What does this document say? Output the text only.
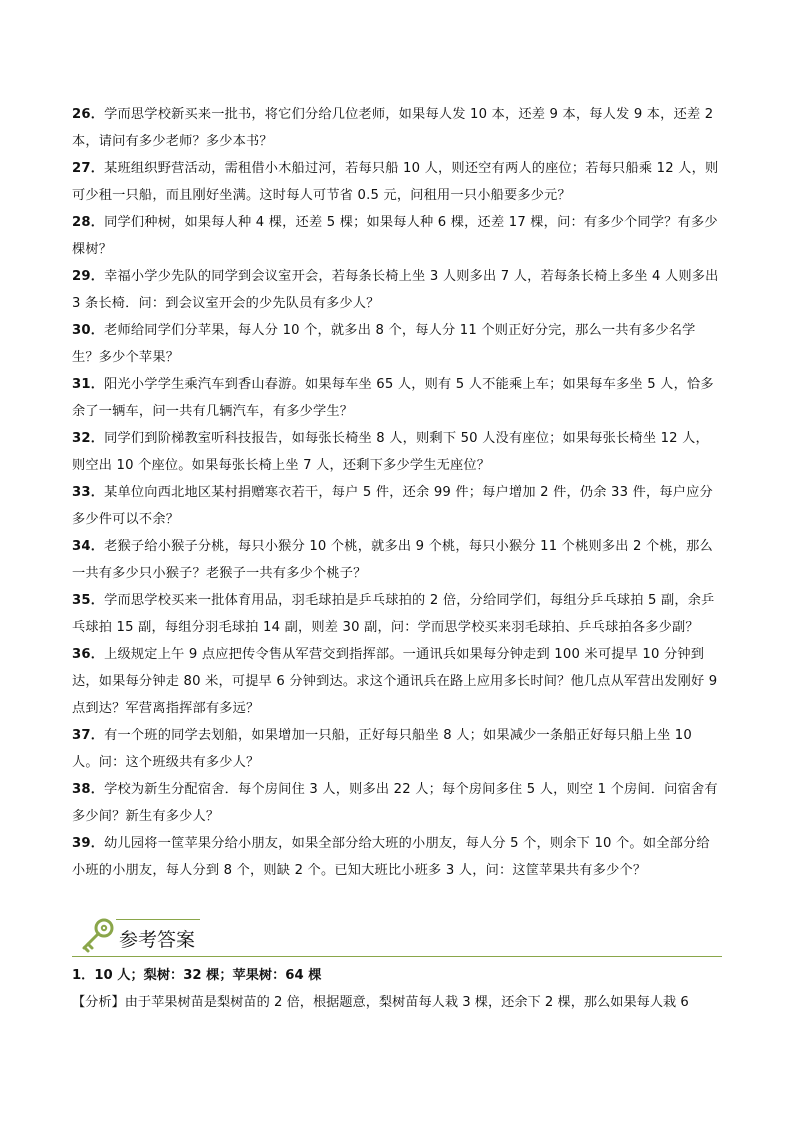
26．学而思学校新买来一批书，将它们分给几位老师，如果每人发 10 本，还差 9 本，每人发 9 本，还差 2 本，请问有多少老师？多少本书？

27．某班组织野营活动，需租借小木船过河，若每只船 10 人，则还空有两人的座位；若每只船乘 12 人，则可少租一只船，而且刚好坐满。这时每人可节省 0.5 元，问租用一只小船要多少元？

28．同学们种树，如果每人种 4 棵，还差 5 棵；如果每人种 6 棵，还差 17 棵，问：有多少个同学？有多少棵树？

29．幸福小学少先队的同学到会议室开会，若每条长椅上坐 3 人则多出 7 人，若每条长椅上多坐 4 人则多出 3 条长椅．问：到会议室开会的少先队员有多少人？

30．老师给同学们分苹果，每人分 10 个，就多出 8 个，每人分 11 个则正好分完，那么一共有多少名学生？多少个苹果？

31．阳光小学学生乘汽车到香山春游。如果每车坐 65 人，则有 5 人不能乘上车；如果每车多坐 5 人，恰多余了一辆车，问一共有几辆汽车，有多少学生？

32．同学们到阶梯教室听科技报告，如每张长椅坐 8 人，则剩下 50 人没有座位；如果每张长椅坐 12 人，则空出 10 个座位。如果每张长椅上坐 7 人，还剩下多少学生无座位？

33．某单位向西北地区某村捐赠寒衣若干，每户 5 件，还余 99 件；每户增加 2 件，仍余 33 件，每户应分多少件可以不余？

34．老猴子给小猴子分桃，每只小猴分 10 个桃，就多出 9 个桃，每只小猴分 11 个桃则多出 2 个桃，那么一共有多少只小猴子？老猴子一共有多少个桃子？

35．学而思学校买来一批体育用品，羽毛球拍是乒乓球拍的 2 倍，分给同学们，每组分乒乓球拍 5 副，余乒乓球拍 15 副，每组分羽毛球拍 14 副，则差 30 副，问：学而思学校买来羽毛球拍、乒乓球拍各多少副？

36．上级规定上午 9 点应把传令售从军营交到指挥部。一通讯兵如果每分钟走到 100 米可提早 10 分钟到达，如果每分钟走 80 米，可提早 6 分钟到达。求这个通讯兵在路上应用多长时间？他几点从军营出发刚好 9 点到达？军营离指挥部有多远？

37．有一个班的同学去划船，如果增加一只船，正好每只船坐 8 人；如果减少一条船正好每只船上坐 10 人。问：这个班级共有多少人？

38．学校为新生分配宿舍．每个房间住 3 人，则多出 22 人；每个房间多住 5 人，则空 1 个房间．问宿舍有多少间？新生有多少人？

39．幼儿园将一筐苹果分给小朋友，如果全部分给大班的小朋友，每人分 5 个，则余下 10 个。如全部分给小班的小朋友，每人分到 8 个，则缺 2 个。已知大班比小班多 3 人，问：这筐苹果共有多少个？

参考答案

1．10 人；梨树：32 棵；苹果树：64 棵

【分析】由于苹果树苗是梨树苗的 2 倍，根据题意，梨树苗每人栽 3 棵，还余下 2 棵，那么如果每人栽 6
